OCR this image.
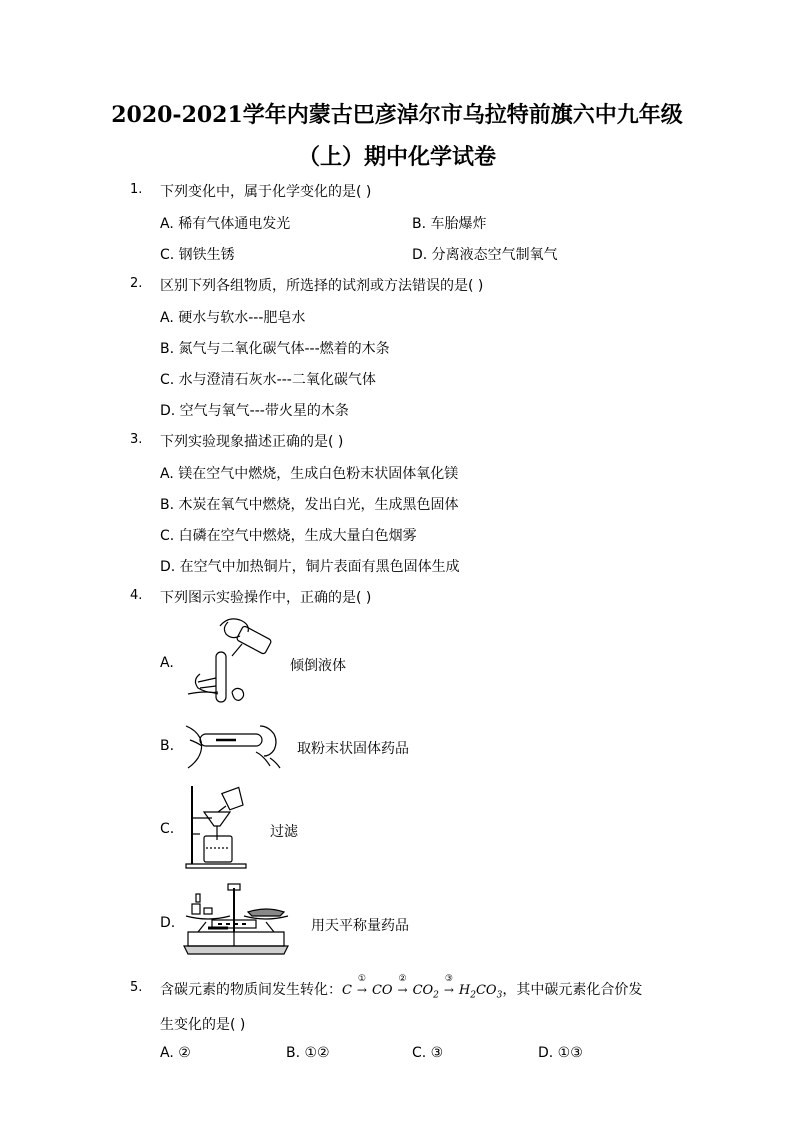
2020-2021学年内蒙古巴彦淖尔市乌拉特前旗六中九年级
（上）期中化学试卷
1. 下列变化中，属于化学变化的是( )
A. 稀有气体通电发光	B. 车胎爆炸
C. 钢铁生锈	D. 分离液态空气制氧气
2. 区别下列各组物质，所选择的试剂或方法错误的是( )
A. 硬水与软水---肥皂水
B. 氮气与二氧化碳气体---燃着的木条
C. 水与澄清石灰水---二氧化碳气体
D. 空气与氧气---带火星的木条
3. 下列实验现象描述正确的是( )
A. 镁在空气中燃烧，生成白色粉末状固体氧化镁
B. 木炭在氧气中燃烧，发出白光，生成黑色固体
C. 白磷在空气中燃烧，生成大量白色烟雾
D. 在空气中加热铜片，铜片表面有黑色固体生成
4. 下列图示实验操作中，正确的是( )
A.	倾倒液体
B.	取粉末状固体药品
C.	过滤
D.	用天平称量药品
5. 含碳元素的物质间发生转化：C
①
→ CO
②
→ $CO_2$
③
→ $H_2CO_3$，其中碳元素化合价发
生变化的是( )
A. ②	B. ①②	C. ③	D. ①③
